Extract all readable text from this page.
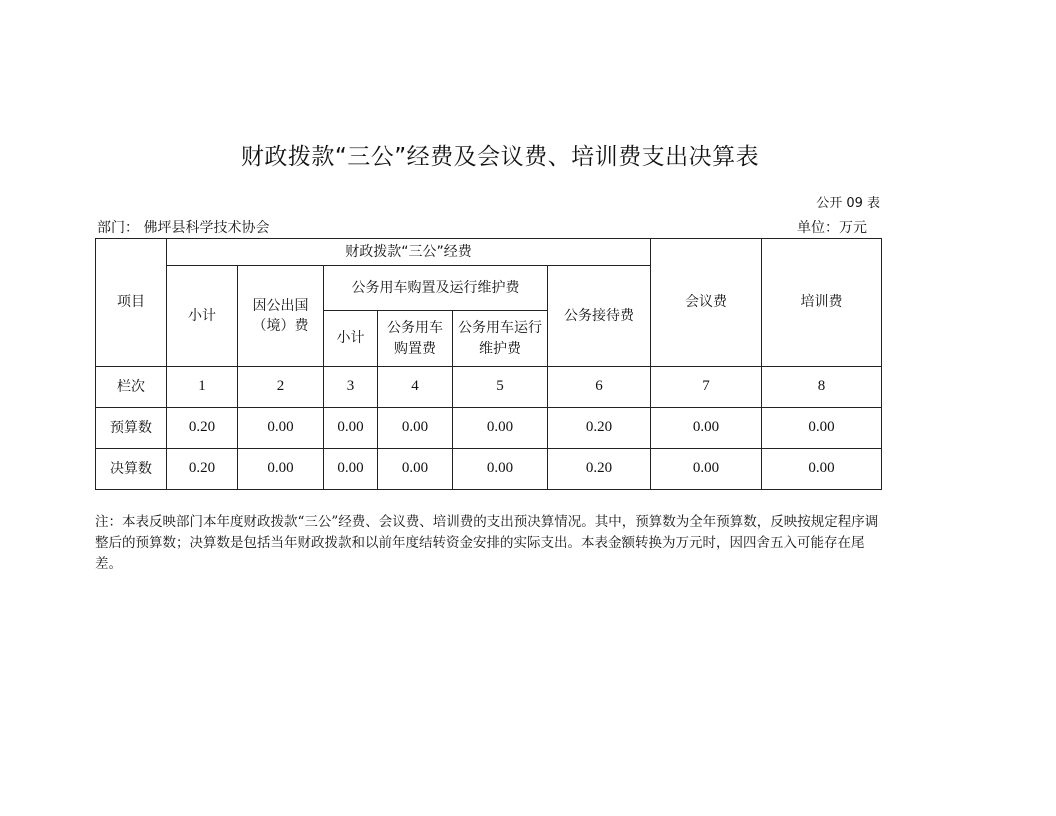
财政拨款“三公”经费及会议费、培训费支出决算表
公开 09 表
部门： 佛坪县科学技术协会	单位：万元
项目	财政拨款“三公”经费						会议费	培训费
	小计	因公出国（境）费	公务用车购置及运行维护费			公务接待费		
			小计	公务用车购置费	公务用车运行维护费			
栏次	1	2	3	4	5	6	7	8
预算数	0.20	0.00	0.00	0.00	0.00	0.20	0.00	0.00
决算数	0.20	0.00	0.00	0.00	0.00	0.20	0.00	0.00
注：本表反映部门本年度财政拨款“三公”经费、会议费、培训费的支出预决算情况。其中，预算数为全年预算数，反映按规定程序调整后的预算数；决算数是包括当年财政拨款和以前年度结转资金安排的实际支出。本表金额转换为万元时，因四舍五入可能存在尾差。
